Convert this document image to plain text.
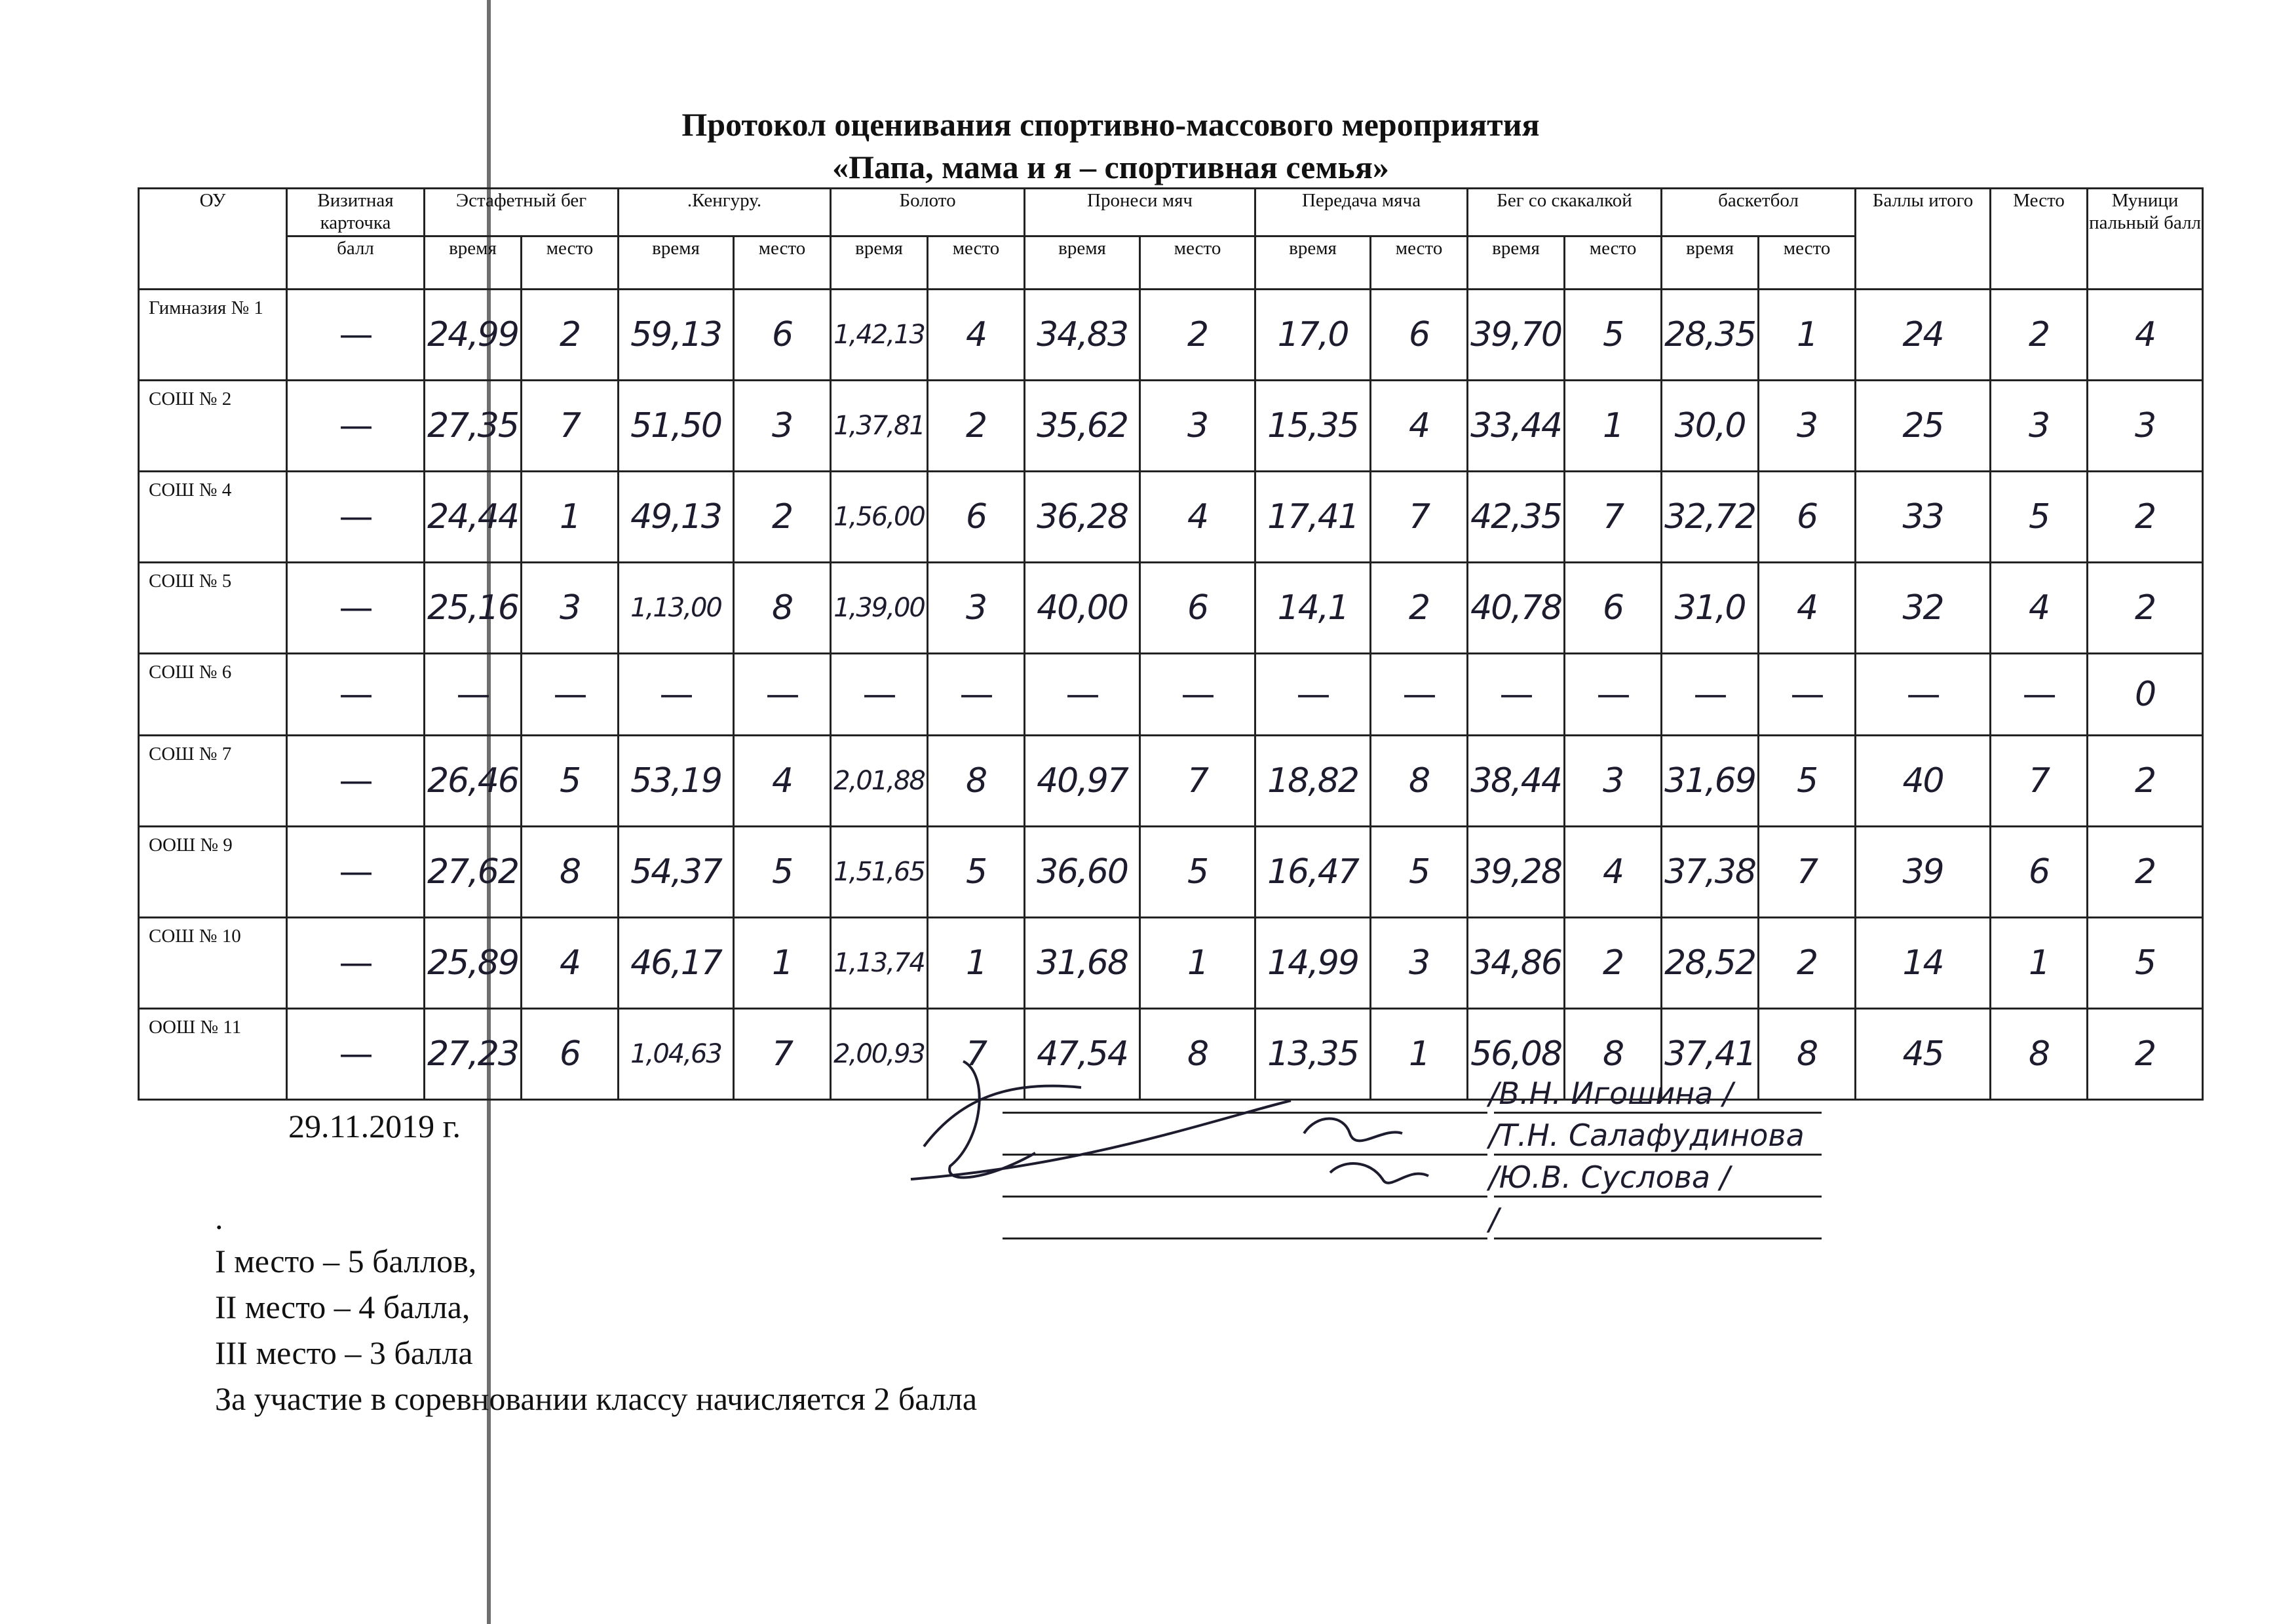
Протокол оценивания спортивно-массового мероприятия
«Папа, мама и я – спортивная семья»
ОУ	Визитная карточка	Эстафетный бег		.Кенгуру.		Болото		Пронеси мяч		Передача мяча		Бег со скакалкой		баскетбол		Баллы итого	Место	Муници пальный балл
	балл	время	место	время	место	время	место	время	место	время	место	время	место	время	место			
Гимназия № 1	—	24,99	2	59,13	6	1,42,13	4	34,83	2	17,0	6	39,70	5	28,35	1	24	2	4
СОШ № 2	—	27,35	7	51,50	3	1,37,81	2	35,62	3	15,35	4	33,44	1	30,0	3	25	3	3
СОШ № 4	—	24,44	1	49,13	2	1,56,00	6	36,28	4	17,41	7	42,35	7	32,72	6	33	5	2
СОШ № 5	—	25,16	3	1,13,00	8	1,39,00	3	40,00	6	14,1	2	40,78	6	31,0	4	32	4	2
СОШ № 6	—	—	—	—	—	—	—	—	—	—	—	—	—	—	—	—	—	0
СОШ № 7	—	26,46	5	53,19	4	2,01,88	8	40,97	7	18,82	8	38,44	3	31,69	5	40	7	2
ООШ № 9	—	27,62	8	54,37	5	1,51,65	5	36,60	5	16,47	5	39,28	4	37,38	7	39	6	2
СОШ № 10	—	25,89	4	46,17	1	1,13,74	1	31,68	1	14,99	3	34,86	2	28,52	2	14	1	5
ООШ № 11	—	27,23	6	1,04,63	7	2,00,93	7	47,54	8	13,35	1	56,08	8	37,41	8	45	8	2
29.11.2019 г.
/В.Н. Игошина /
/Т.Н. Салафудинова
/Ю.В. Суслова /
/
.
I место – 5 баллов,
II место – 4 балла,
III место – 3 балла
За участие в соревновании классу начисляется 2 балла
